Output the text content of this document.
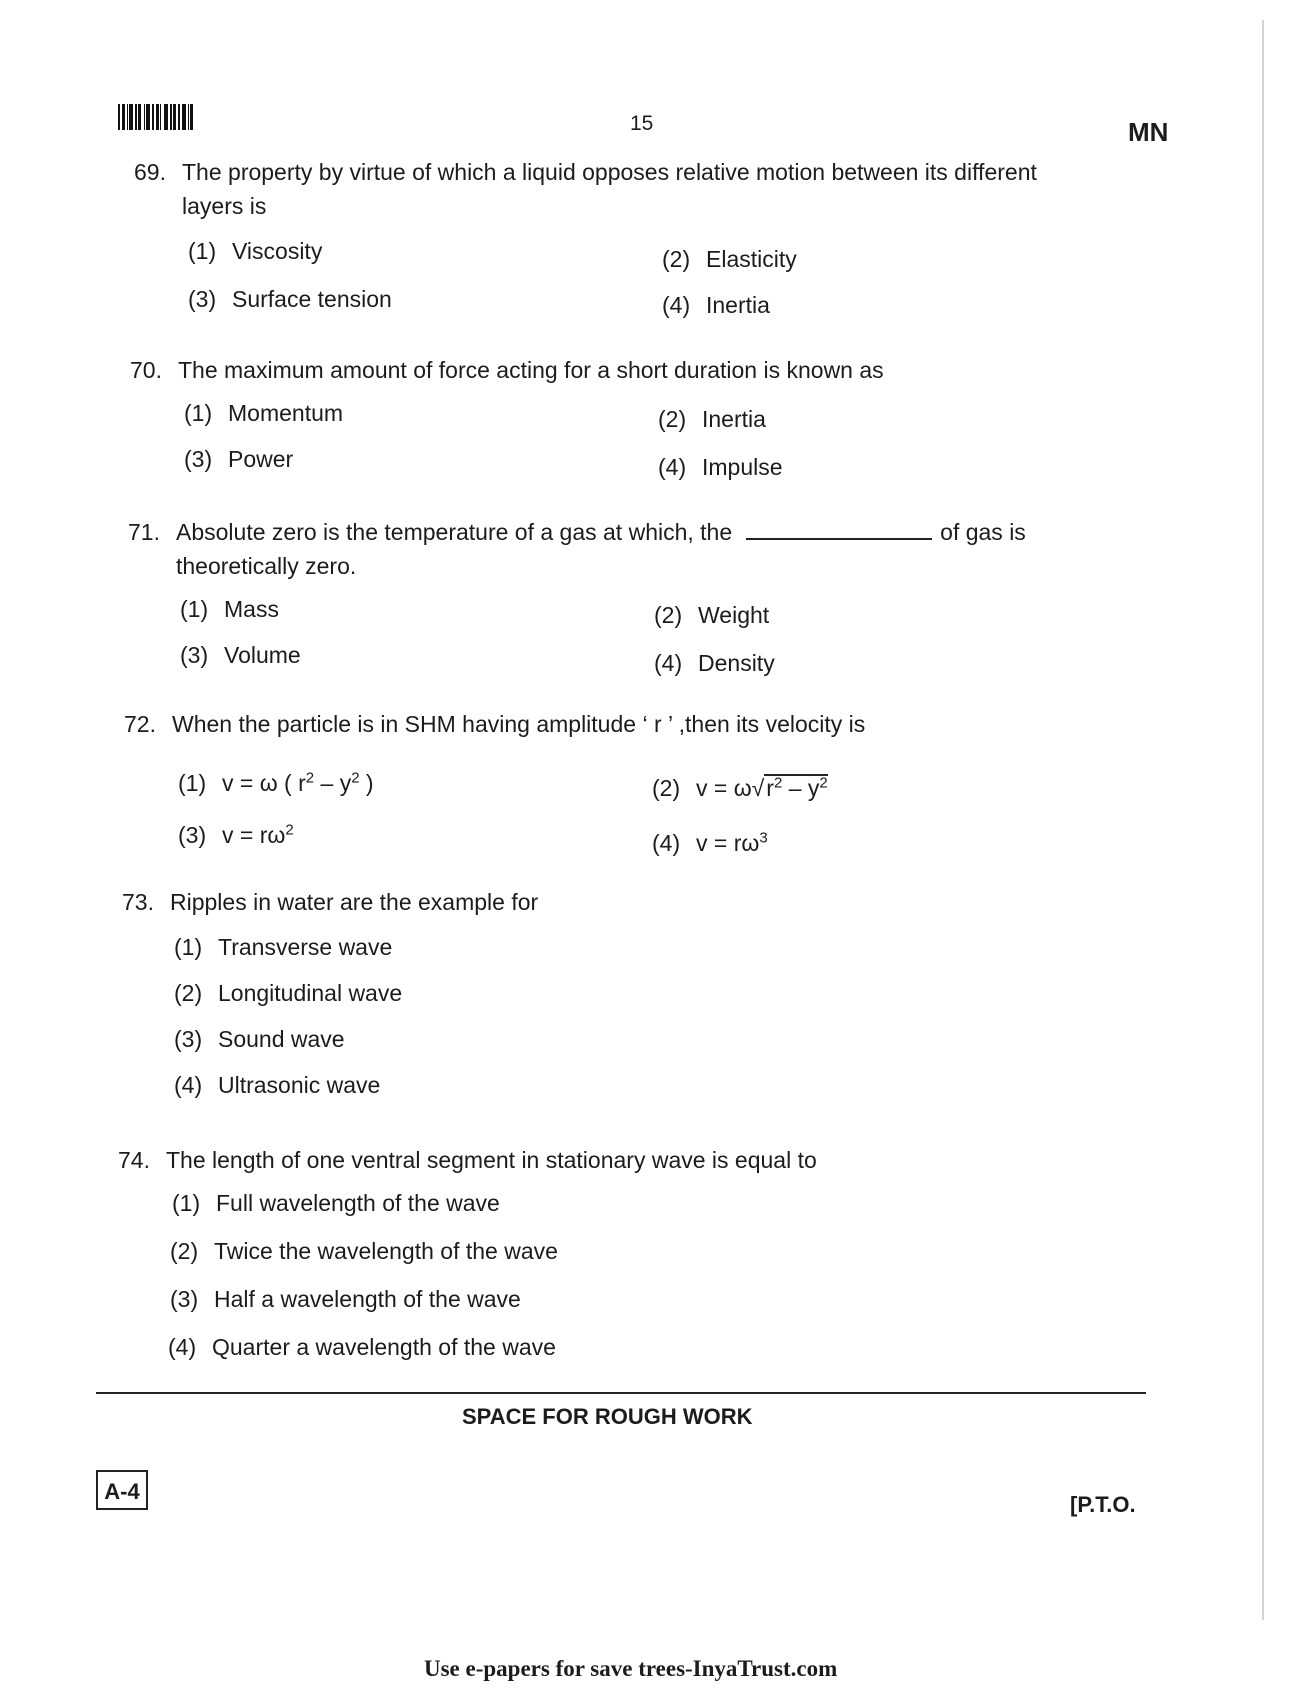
15	MN
69. The property by virtue of which a liquid opposes relative motion between its different
layers is
(1) Viscosity	(2) Elasticity
(3) Surface tension	(4) Inertia
70. The maximum amount of force acting for a short duration is known as
(1) Momentum	(2) Inertia
(3) Power	(4) Impulse
71. Absolute zero is the temperature of a gas at which, the	of gas is
theoretically zero.
(1) Mass	(2) Weight
(3) Volume	(4) Density
72. When the particle is in SHM having amplitude ‘ r ’ ,then its velocity is
(1) v = ω ( $r^2 - y^2$ )	(2) $v = \omega√r^2 - y^2$
(3) $v = r\omega^2$
(4) $v = r\omega^3$
73. Ripples in water are the example for
(1) Transverse wave
(2) Longitudinal wave
(3) Sound wave
(4) Ultrasonic wave
74. The length of one ventral segment in stationary wave is equal to
(1) Full wavelength of the wave
(2) Twice the wavelength of the wave
(3) Half a wavelength of the wave
(4) Quarter a wavelength of the wave
SPACE FOR ROUGH WORK
A-4
[P.T.O.
Use e-papers for save trees-InyaTrust.com
